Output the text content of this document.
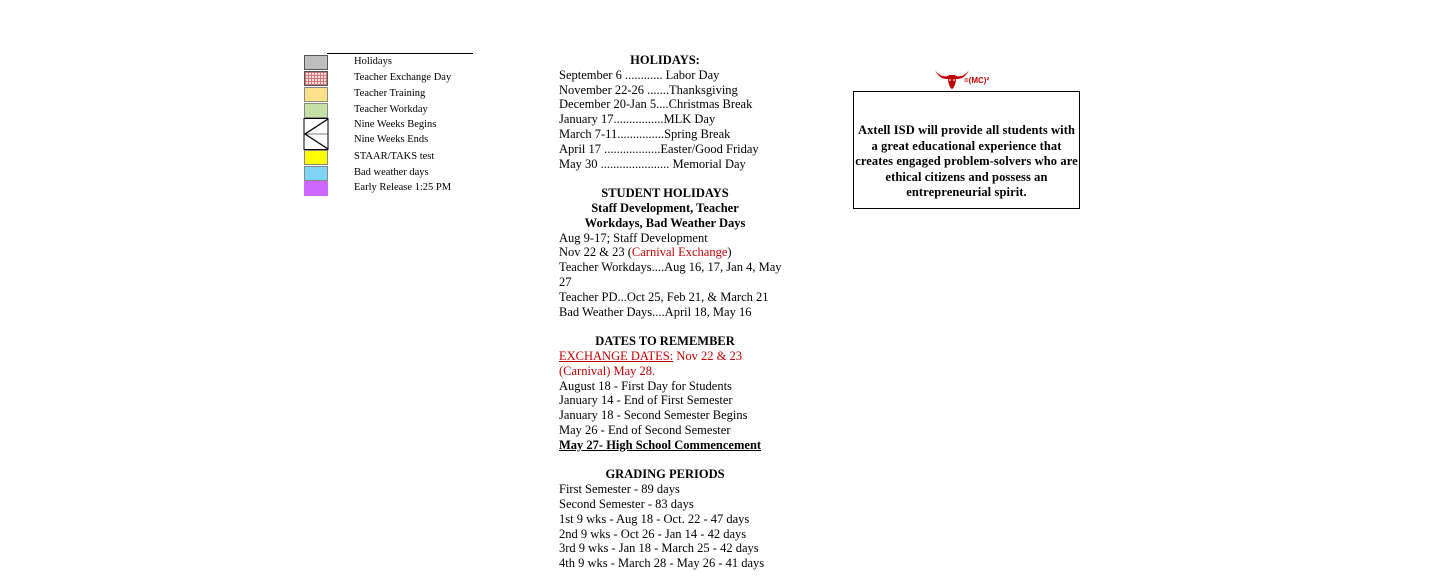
Holidays
Teacher Exchange Day
Teacher Training
Teacher Workday
Nine Weeks Begins
Nine Weeks Ends
STAAR/TAKS test
Bad weather days
Early Release 1:25 PM
HOLIDAYS:
September 6 ............ Labor Day
November 22-26 .......Thanksgiving
December 20-Jan 5....Christmas Break
January 17................MLK Day
March 7-11...............Spring Break
April 17 ..................Easter/Good Friday
May 30 ...................... Memorial Day
STUDENT HOLIDAYS
Staff Development, Teacher
Workdays, Bad Weather Days
Aug 9-17; Staff Development
Nov 22 & 23 (Carnival Exchange)
Teacher Workdays....Aug 16, 17, Jan 4, May 27
Teacher PD...Oct 25, Feb 21, & March 21
Bad Weather Days....April 18, May 16
DATES TO REMEMBER
EXCHANGE DATES: Nov 22 & 23
(Carnival) May 28.
August 18 - First Day for Students
January 14 - End of First Semester
January 18 - Second Semester Begins
May 26 - End of Second Semester
May 27- High School Commencement
GRADING PERIODS
First Semester - 89 days
Second Semester - 83 days
1st 9 wks - Aug 18 - Oct. 22 - 47 days
2nd 9 wks - Oct 26 - Jan 14 - 42 days
3rd 9 wks - Jan 18 - March 25 - 42 days
4th 9 wks - March 28 - May 26 - 41 days
=(MC)²
Axtell ISD will provide all students with a great educational experience that creates engaged problem-solvers who are ethical citizens and possess an entrepreneurial spirit.
